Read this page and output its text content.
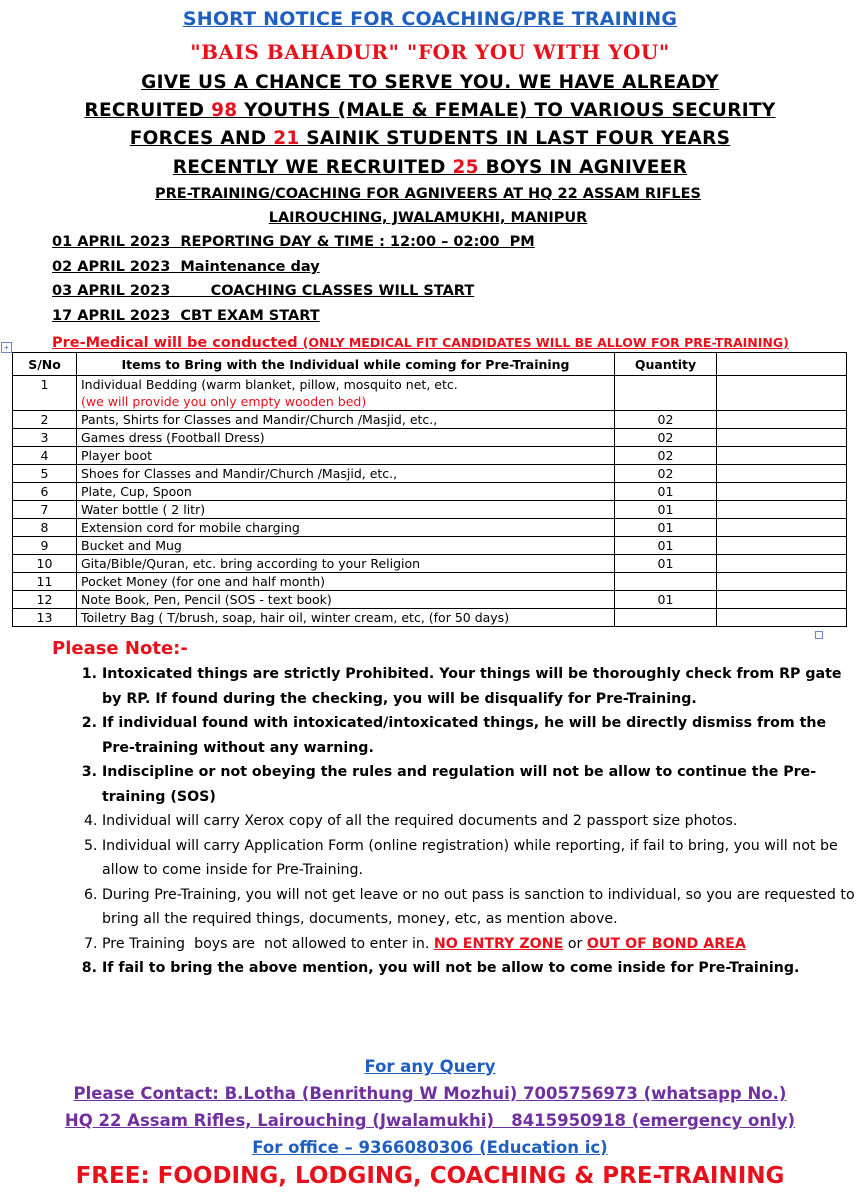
SHORT NOTICE FOR COACHING/PRE TRAINING
"BAIS BAHADUR" "FOR YOU WITH YOU"
GIVE US A CHANCE TO SERVE YOU. WE HAVE ALREADY
RECRUITED 98 YOUTHS (MALE & FEMALE) TO VARIOUS SECURITY
FORCES AND 21 SAINIK STUDENTS IN LAST FOUR YEARS
RECENTLY WE RECRUITED 25 BOYS IN AGNIVEER
PRE-TRAINING/COACHING FOR AGNIVEERS AT HQ 22 ASSAM RIFLES
LAIROUCHING, JWALAMUKHI, MANIPUR
01 APRIL 2023  REPORTING DAY & TIME : 12:00 – 02:00  PM
02 APRIL 2023  Maintenance day
03 APRIL 2023        COACHING CLASSES WILL START
17 APRIL 2023  CBT EXAM START
Pre-Medical will be conducted (ONLY MEDICAL FIT CANDIDATES WILL BE ALLOW FOR PRE-TRAINING)
+
S/No	Items to Bring with the Individual while coming for Pre-Training	Quantity	
1	Individual Bedding (warm blanket, pillow, mosquito net, etc.
(we will provide you only empty wooden bed)		

2	Pants, Shirts for Classes and Mandir/Church /Masjid, etc.,	02	
3	Games dress (Football Dress)	02	
4	Player boot	02	
5	Shoes for Classes and Mandir/Church /Masjid, etc.,	02	
6	Plate, Cup, Spoon	01	
7	Water bottle ( 2 litr)	01	
8	Extension cord for mobile charging	01	
9	Bucket and Mug	01	
10	Gita/Bible/Quran, etc. bring according to your Religion	01	
11	Pocket Money (for one and half month)		
12	Note Book, Pen, Pencil (SOS - text book)	01	
13	Toiletry Bag ( T/brush, soap, hair oil, winter cream, etc, (for 50 days)		
Please Note:-
1. Intoxicated things are strictly Prohibited. Your things will be thoroughly check from RP gate by RP. If found during the checking, you will be disqualify for Pre-Training.
2. If individual found with intoxicated/intoxicated things, he will be directly dismiss from the Pre-training without any warning.
3. Indiscipline or not obeying the rules and regulation will not be allow to continue the Pre-training (SOS)
4. Individual will carry Xerox copy of all the required documents and 2 passport size photos.
5. Individual will carry Application Form (online registration) while reporting, if fail to bring, you will not be allow to come inside for Pre-Training.
6. During Pre-Training, you will not get leave or no out pass is sanction to individual, so you are requested to bring all the required things, documents, money, etc, as mention above.
7. Pre Training  boys are  not allowed to enter in. NO ENTRY ZONE or OUT OF BOND AREA
8. If fail to bring the above mention, you will not be allow to come inside for Pre-Training.
For any Query
Please Contact: B.Lotha (Benrithung W Mozhui) 7005756973 (whatsapp No.)
HQ 22 Assam Rifles, Lairouching (Jwalamukhi)   8415950918 (emergency only)
For office – 9366080306 (Education ic)
FREE: FOODING, LODGING, COACHING & PRE-TRAINING
